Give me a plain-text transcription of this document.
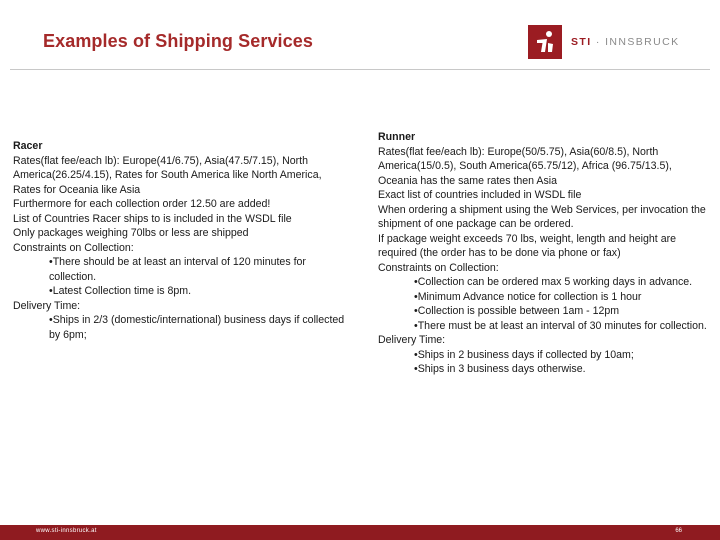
Examples of Shipping Services	STI · INNSBRUCK

Racer

Rates(flat fee/each lb): Europe(41/6.75), Asia(47.5/7.15), North America(26.25/4.15), Rates for South America like North America, Rates for Oceania like Asia

Furthermore for each collection order 12.50 are added!

List of Countries Racer ships to is included in the WSDL file

Only packages weighing 70lbs or less are shipped

Constraints on Collection:

•There should be at least an interval of 120 minutes for collection.

•Latest Collection time is 8pm.

Delivery Time:

•Ships in 2/3 (domestic/international) business days if collected by 6pm;

Runner

Rates(flat fee/each lb): Europe(50/5.75), Asia(60/8.5), North America(15/0.5), South America(65.75/12), Africa (96.75/13.5), Oceania has the same rates then Asia

Exact list of countries included in WSDL file

When ordering a shipment using the Web Services, per invocation the shipment of one package can be ordered.

If package weight exceeds 70 lbs, weight, length and height are required (the order has to be done via phone or fax)

Constraints on Collection:

•Collection can be ordered max 5 working days in advance.

•Minimum Advance notice for collection is 1 hour

•Collection is possible between 1am - 12pm

•There must be at least an interval of 30 minutes for collection.

Delivery Time:

•Ships in 2 business days if collected by 10am;

•Ships in 3 business days otherwise.

www.sti-innsbruck.at	66
